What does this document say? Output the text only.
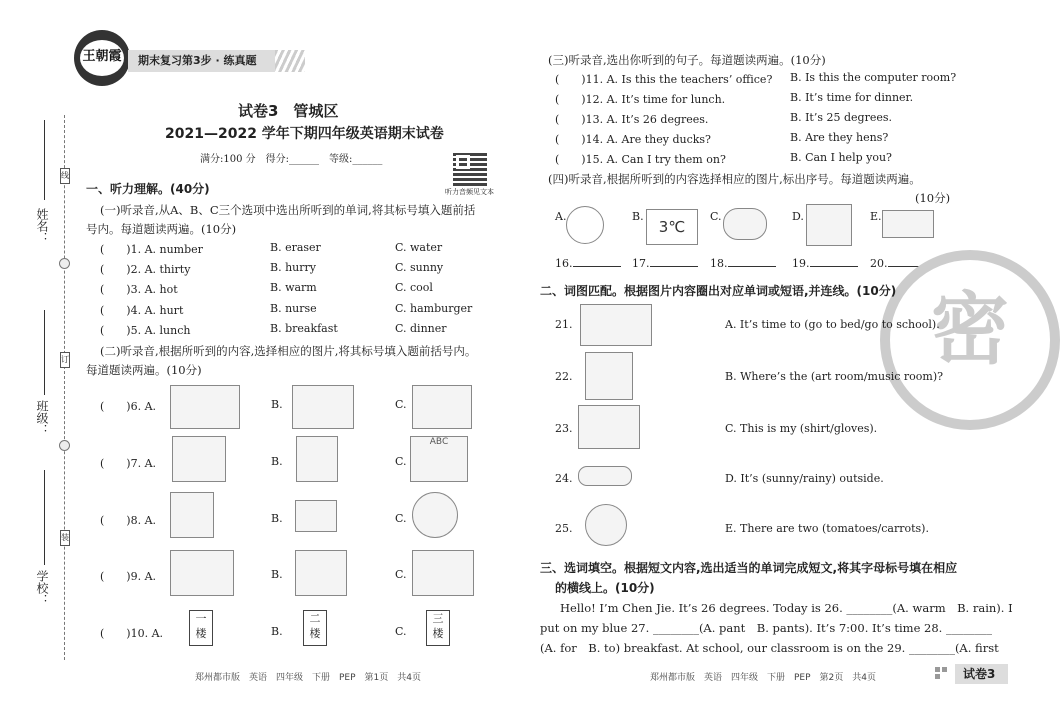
姓名：
班级：
学校：
线
订
装
王朝霞	期末复习第3步 · 练真题
试卷3　管城区
2021—2022 学年下期四年级英语期末试卷
满分:100 分　得分:______　等级:______
听力音频见文本
一、听力理解。(40分)
(一)听录音,从A、B、C三个选项中选出所听到的单词,将其标号填入题前括
号内。每道题读两遍。(10分)
(　　)1. A. number	B. eraser	C. water
(　　)2. A. thirty	B. hurry	C. sunny
(　　)3. A. hot	B. warm	C. cool
(　　)4. A. hurt	B. nurse	C. hamburger
(　　)5. A. lunch	B. breakfast	C. dinner
(二)听录音,根据所听到的内容,选择相应的图片,将其标号填入题前括号内。
每道题读两遍。(10分)
(　　)6. A.	B.	C.
(　　)7. A.	B.	C.
ABC
(　　)8. A.	B.	C.
(　　)9. A.	B.	C.
(　　)10. A.	B.	C.
一
楼
二
楼
三
楼
郑州都市版　英语　四年级　下册　PEP　第1页　共4页
(三)听录音,选出你听到的句子。每道题读两遍。(10分)
(　　)11. A. Is this the teachers’ office? B. Is this the computer room?
(　　)12. A. It’s time for lunch.	B. It’s time for dinner.
(　　)13. A. It’s 26 degrees.	B. It’s 25 degrees.
(　　)14. A. Are they ducks?	B. Are they hens?
(　　)15. A. Can I try them on?	B. Can I help you?
(四)听录音,根据所听到的内容选择相应的图片,标出序号。每道题读两遍。
(10分)
A.	B.
3℃
C.	D.	E.
16.	17.	18.	19.	20.
密
二、词图匹配。根据图片内容圈出对应单词或短语,并连线。(10分)
21.	A. It’s time to (go to bed/go to school).
22.	B. Where’s the (art room/music room)?
23.	C. This is my (shirt/gloves).
24.	D. It’s (sunny/rainy) outside.
25.	E. There are two (tomatoes/carrots).
三、选词填空。根据短文内容,选出适当的单词完成短文,将其字母标号填在相应
的横线上。(10分)
Hello! I’m Chen Jie. It’s 26 degrees. Today is 26. ________(A. warm　B. rain). I
put on my blue 27. ________(A. pant　B. pants). It’s 7:00. It’s time 28. ________
(A. for　B. to) breakfast. At school, our classroom is on the 29. ________(A. first
郑州都市版　英语　四年级　下册　PEP　第2页　共4页	试卷3
